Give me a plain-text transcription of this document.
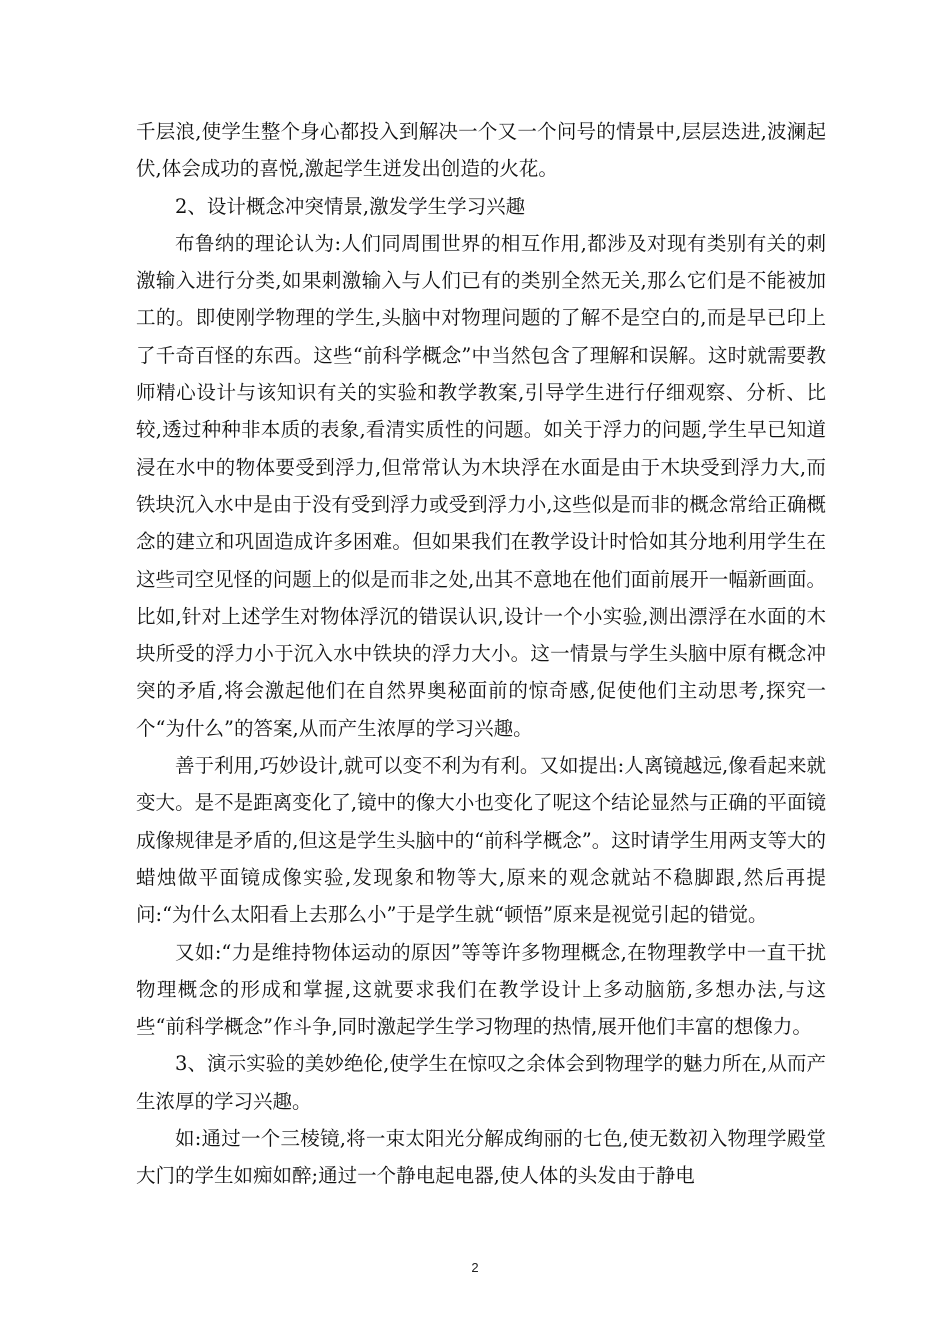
千层浪,使学生整个身心都投入到解决一个又一个问号的情景中,层层迭进,波澜起伏,体会成功的喜悦,激起学生迸发出创造的火花。

2、设计概念冲突情景,激发学生学习兴趣

布鲁纳的理论认为:人们同周围世界的相互作用,都涉及对现有类别有关的刺激输入进行分类,如果刺激输入与人们已有的类别全然无关,那么它们是不能被加工的。即使刚学物理的学生,头脑中对物理问题的了解不是空白的,而是早已印上了千奇百怪的东西。这些“前科学概念”中当然包含了理解和误解。这时就需要教师精心设计与该知识有关的实验和教学教案,引导学生进行仔细观察、分析、比较,透过种种非本质的表象,看清实质性的问题。如关于浮力的问题,学生早已知道浸在水中的物体要受到浮力,但常常认为木块浮在水面是由于木块受到浮力大,而铁块沉入水中是由于没有受到浮力或受到浮力小,这些似是而非的概念常给正确概念的建立和巩固造成许多困难。但如果我们在教学设计时恰如其分地利用学生在这些司空见怪的问题上的似是而非之处,出其不意地在他们面前展开一幅新画面。比如,针对上述学生对物体浮沉的错误认识,设计一个小实验,测出漂浮在水面的木块所受的浮力小于沉入水中铁块的浮力大小。这一情景与学生头脑中原有概念冲突的矛盾,将会激起他们在自然界奥秘面前的惊奇感,促使他们主动思考,探究一个“为什么”的答案,从而产生浓厚的学习兴趣。

善于利用,巧妙设计,就可以变不利为有利。又如提出:人离镜越远,像看起来就变大。是不是距离变化了,镜中的像大小也变化了呢这个结论显然与正确的平面镜成像规律是矛盾的,但这是学生头脑中的“前科学概念”。这时请学生用两支等大的蜡烛做平面镜成像实验,发现象和物等大,原来的观念就站不稳脚跟,然后再提问:“为什么太阳看上去那么小”于是学生就“顿悟”原来是视觉引起的错觉。

又如:“力是维持物体运动的原因”等等许多物理概念,在物理教学中一直干扰物理概念的形成和掌握,这就要求我们在教学设计上多动脑筋,多想办法,与这些“前科学概念”作斗争,同时激起学生学习物理的热情,展开他们丰富的想像力。

3、演示实验的美妙绝伦,使学生在惊叹之余体会到物理学的魅力所在,从而产生浓厚的学习兴趣。

如:通过一个三棱镜,将一束太阳光分解成绚丽的七色,使无数初入物理学殿堂大门的学生如痴如醉;通过一个静电起电器,使人体的头发由于静电

2
